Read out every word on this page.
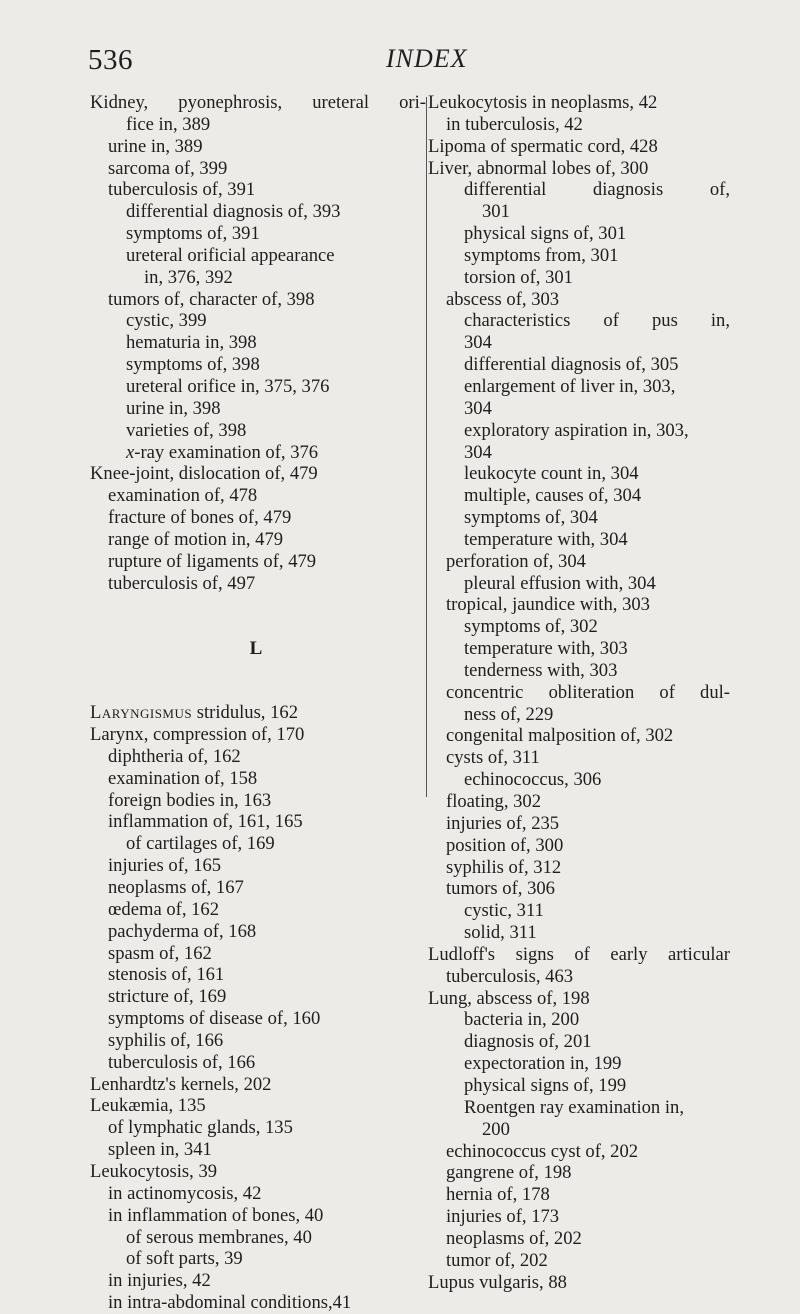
536	INDEX
Kidney, pyonephrosis, ureteral ori-
fice in, 389
urine in, 389
sarcoma of, 399
tuberculosis of, 391
differential diagnosis of, 393
symptoms of, 391
ureteral orificial appearance
in, 376, 392
tumors of, character of, 398
cystic, 399
hematuria in, 398
symptoms of, 398
ureteral orifice in, 375, 376
urine in, 398
varieties of, 398
x-ray examination of, 376
Knee-joint, dislocation of, 479
examination of, 478
fracture of bones of, 479
range of motion in, 479
rupture of ligaments of, 479
tuberculosis of, 497
L
Laryngismus stridulus, 162
Larynx, compression of, 170
diphtheria of, 162
examination of, 158
foreign bodies in, 163
inflammation of, 161, 165
of cartilages of, 169
injuries of, 165
neoplasms of, 167
œdema of, 162
pachyderma of, 168
spasm of, 162
stenosis of, 161
stricture of, 169
symptoms of disease of, 160
syphilis of, 166
tuberculosis of, 166
Lenhardtz's kernels, 202
Leukæmia, 135
of lymphatic glands, 135
spleen in, 341
Leukocytosis, 39
in actinomycosis, 42
in inflammation of bones, 40
of serous membranes, 40
of soft parts, 39
in injuries, 42
in intra-abdominal conditions,41
Leukocytosis in neoplasms, 42
in tuberculosis, 42
Lipoma of spermatic cord, 428
Liver, abnormal lobes of, 300
differential diagnosis of,
301
physical signs of, 301
symptoms from, 301
torsion of, 301
abscess of, 303
characteristics of pus in,
304
differential diagnosis of, 305
enlargement of liver in, 303,
304
exploratory aspiration in, 303,
304
leukocyte count in, 304
multiple, causes of, 304
symptoms of, 304
temperature with, 304
perforation of, 304
pleural effusion with, 304
tropical, jaundice with, 303
symptoms of, 302
temperature with, 303
tenderness with, 303
concentric obliteration of dul-
ness of, 229
congenital malposition of, 302
cysts of, 311
echinococcus, 306
floating, 302
injuries of, 235
position of, 300
syphilis of, 312
tumors of, 306
cystic, 311
solid, 311
Ludloff's signs of early articular
tuberculosis, 463
Lung, abscess of, 198
bacteria in, 200
diagnosis of, 201
expectoration in, 199
physical signs of, 199
Roentgen ray examination in,
200
echinococcus cyst of, 202
gangrene of, 198
hernia of, 178
injuries of, 173
neoplasms of, 202
tumor of, 202
Lupus vulgaris, 88
